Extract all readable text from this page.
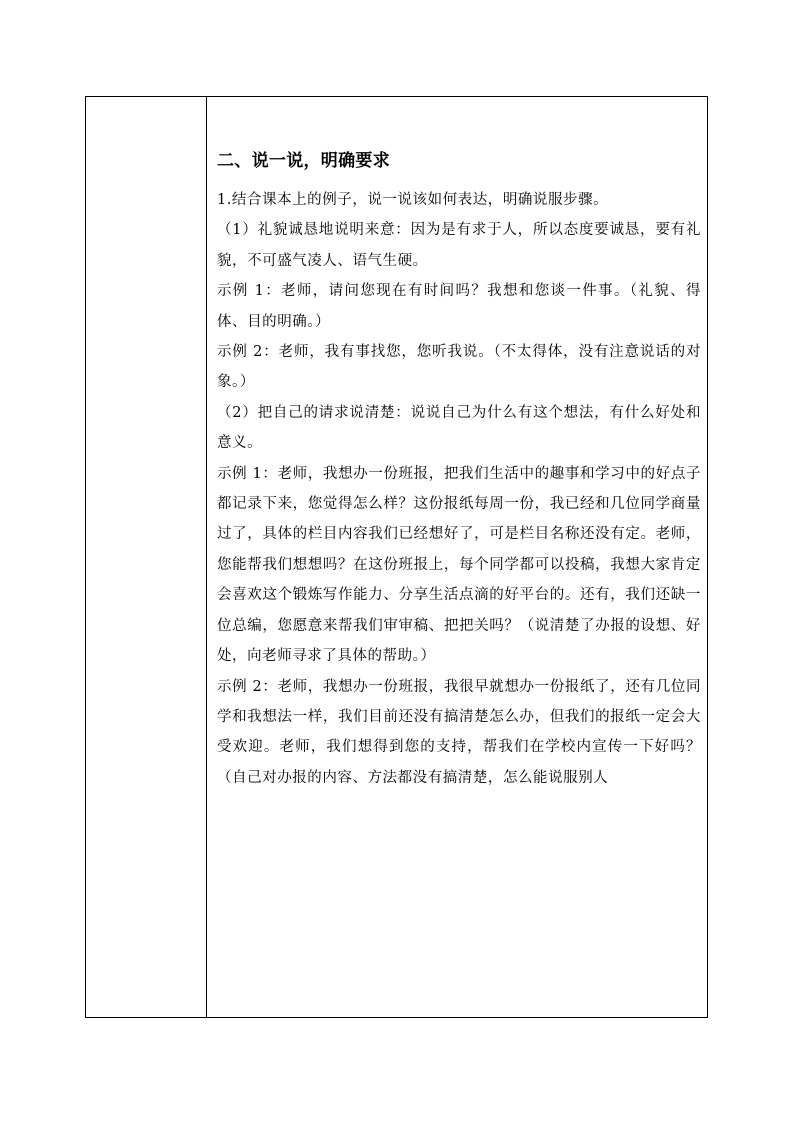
二、说一说，明确要求

1.结合课本上的例子，说一说该如何表达，明确说服步骤。

（1）礼貌诚恳地说明来意：因为是有求于人，所以态度要诚恳，要有礼貌，不可盛气凌人、语气生硬。

示例 1：老师，请问您现在有时间吗？我想和您谈一件事。（礼貌、得体、目的明确。）

示例 2：老师，我有事找您，您听我说。（不太得体，没有注意说话的对象。）

（2）把自己的请求说清楚：说说自己为什么有这个想法，有什么好处和意义。

示例 1：老师，我想办一份班报，把我们生活中的趣事和学习中的好点子都记录下来，您觉得怎么样？这份报纸每周一份，我已经和几位同学商量过了，具体的栏目内容我们已经想好了，可是栏目名称还没有定。老师，您能帮我们想想吗？在这份班报上，每个同学都可以投稿，我想大家肯定会喜欢这个锻炼写作能力、分享生活点滴的好平台的。还有，我们还缺一位总编，您愿意来帮我们审审稿、把把关吗？（说清楚了办报的设想、好处，向老师寻求了具体的帮助。）

示例 2：老师，我想办一份班报，我很早就想办一份报纸了，还有几位同学和我想法一样，我们目前还没有搞清楚怎么办，但我们的报纸一定会大受欢迎。老师，我们想得到您的支持，帮我们在学校内宣传一下好吗？（自己对办报的内容、方法都没有搞清楚，怎么能说服别人
